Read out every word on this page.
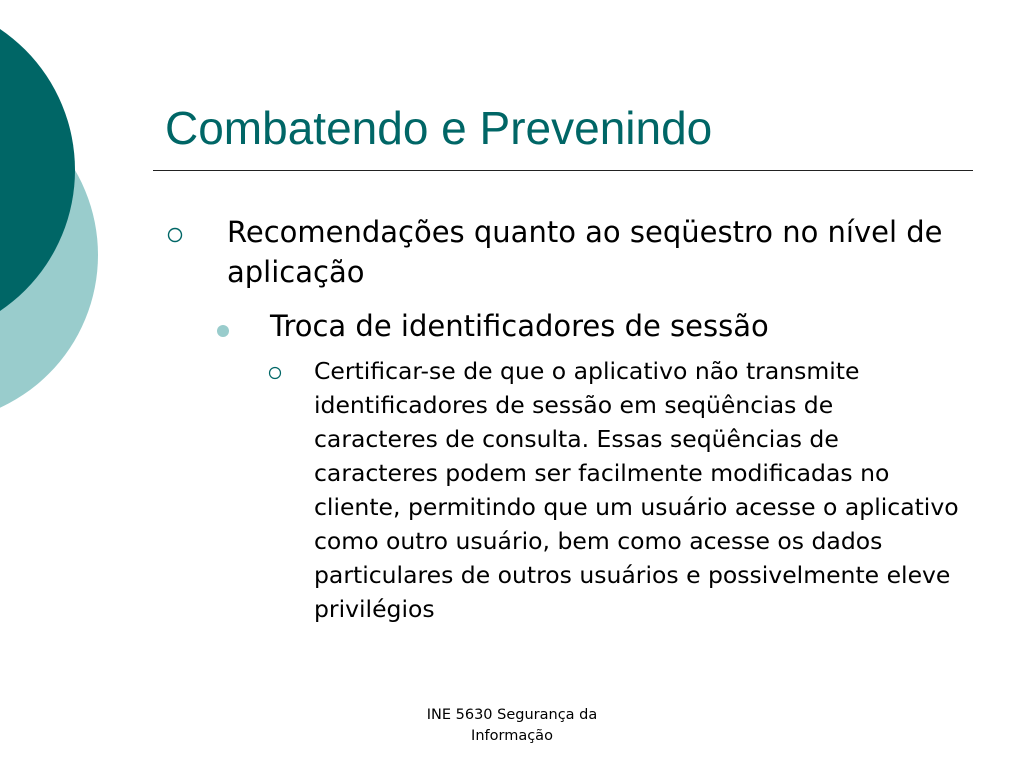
Combatendo e Prevenindo
Recomendações quanto ao seqüestro no nível de aplicação
Troca de identificadores de sessão
Certificar-se de que o aplicativo não transmite identificadores de sessão em seqüências de caracteres de consulta. Essas seqüências de caracteres podem ser facilmente modificadas no cliente, permitindo que um usuário acesse o aplicativo como outro usuário, bem como acesse os dados particulares de outros usuários e possivelmente eleve privilégios
INE 5630 Segurança da
Informação
